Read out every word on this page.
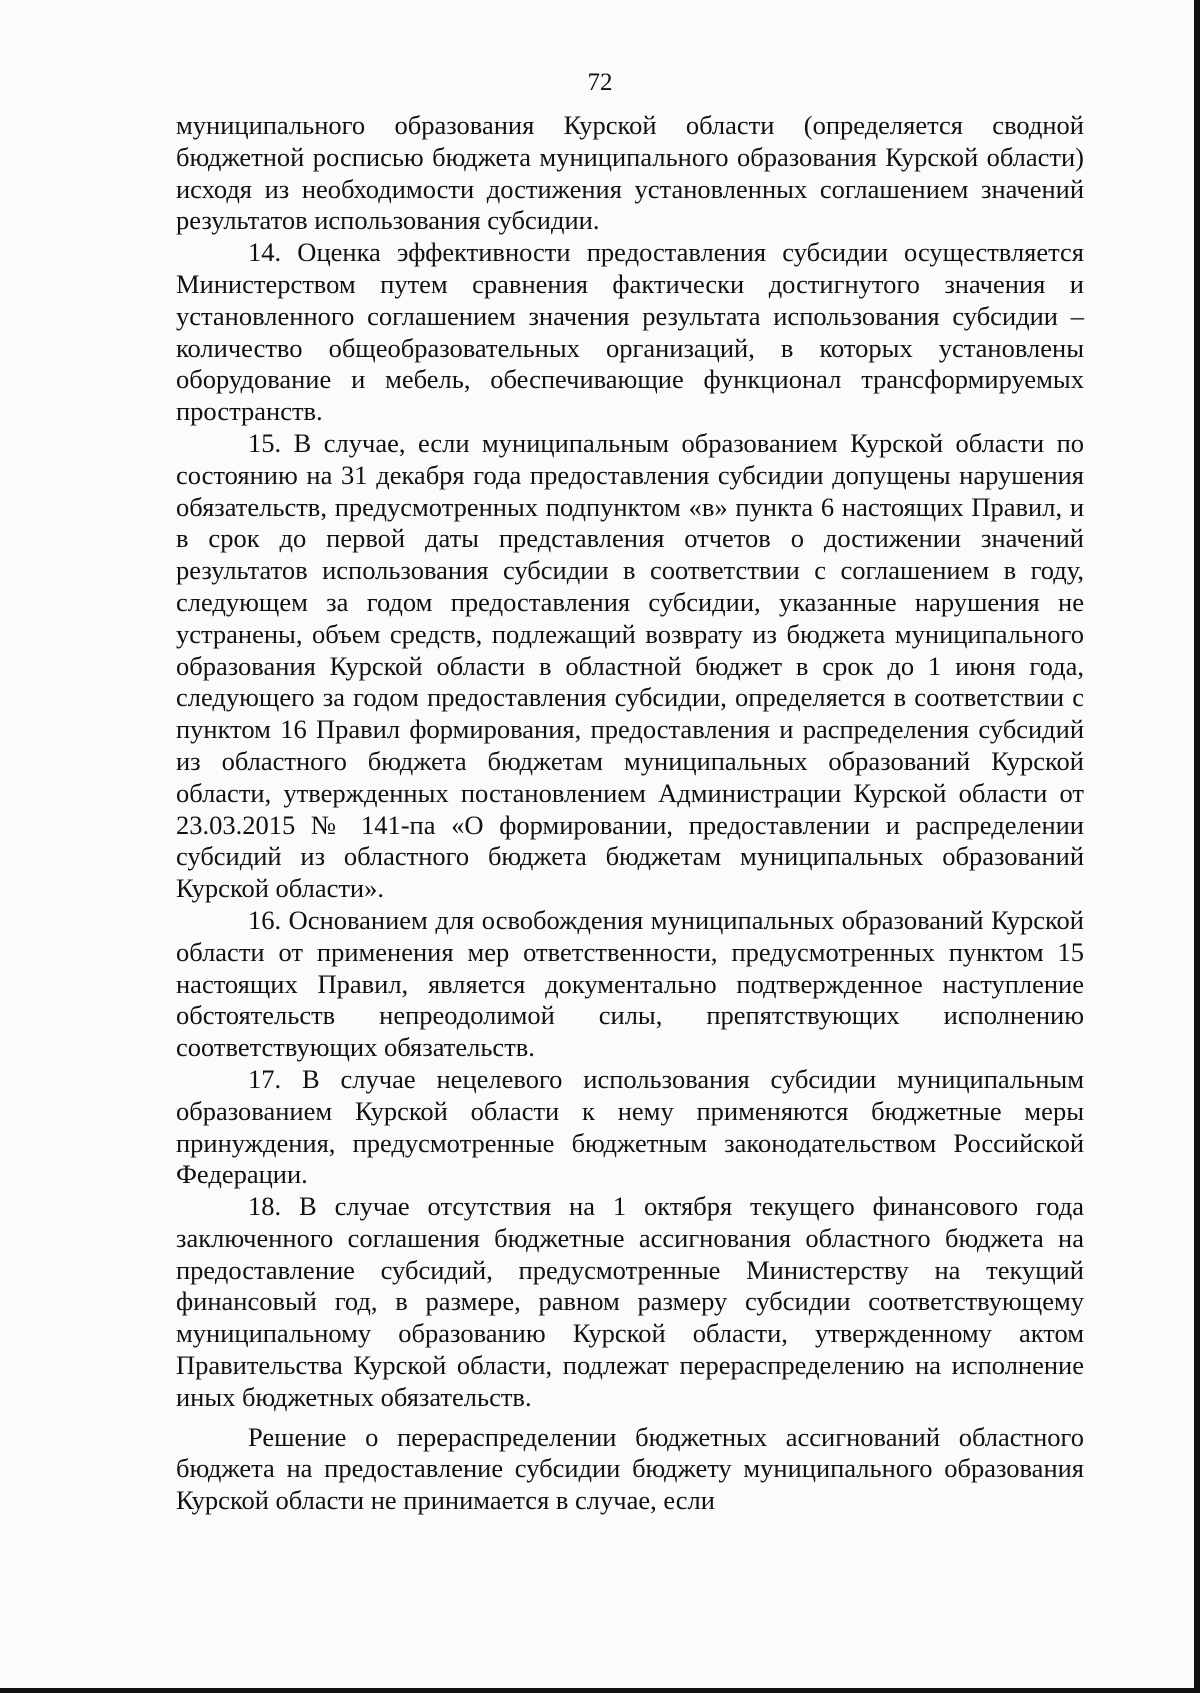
72

муниципального образования Курской области (определяется сводной бюджетной росписью бюджета муниципального образования Курской области) исходя из необходимости достижения установленных соглашением значений результатов использования субсидии.

14. Оценка эффективности предоставления субсидии осуществляется Министерством путем сравнения фактически достигнутого значения и установленного соглашением значения результата использования субсидии – количество общеобразовательных организаций, в которых установлены оборудование и мебель, обеспечивающие функционал трансформируемых пространств.

15. В случае, если муниципальным образованием Курской области по состоянию на 31 декабря года предоставления субсидии допущены нарушения обязательств, предусмотренных подпунктом «в» пункта 6 настоящих Правил, и в срок до первой даты представления отчетов о достижении значений результатов использования субсидии в соответствии с соглашением в году, следующем за годом предоставления субсидии, указанные нарушения не устранены, объем средств, подлежащий возврату из бюджета муниципального образования Курской области в областной бюджет в срок до 1 июня года, следующего за годом предоставления субсидии, определяется в соответствии с пунктом 16 Правил формирования, предоставления и распределения субсидий из областного бюджета бюджетам муниципальных образований Курской области, утвержденных постановлением Администрации Курской области от 23.03.2015 № 141-па «О формировании, предоставлении и распределении субсидий из областного бюджета бюджетам муниципальных образований Курской области».

16. Основанием для освобождения муниципальных образований Курской области от применения мер ответственности, предусмотренных пунктом 15 настоящих Правил, является документально подтвержденное наступление обстоятельств непреодолимой силы, препятствующих исполнению соответствующих обязательств.

17. В случае нецелевого использования субсидии муниципальным образованием Курской области к нему применяются бюджетные меры принуждения, предусмотренные бюджетным законодательством Российской Федерации.

18. В случае отсутствия на 1 октября текущего финансового года заключенного соглашения бюджетные ассигнования областного бюджета на предоставление субсидий, предусмотренные Министерству на текущий финансовый год, в размере, равном размеру субсидии соответствующему муниципальному образованию Курской области, утвержденному актом Правительства Курской области, подлежат перераспределению на исполнение иных бюджетных обязательств.

Решение о перераспределении бюджетных ассигнований областного бюджета на предоставление субсидии бюджету муниципального образования Курской области не принимается в случае, если
